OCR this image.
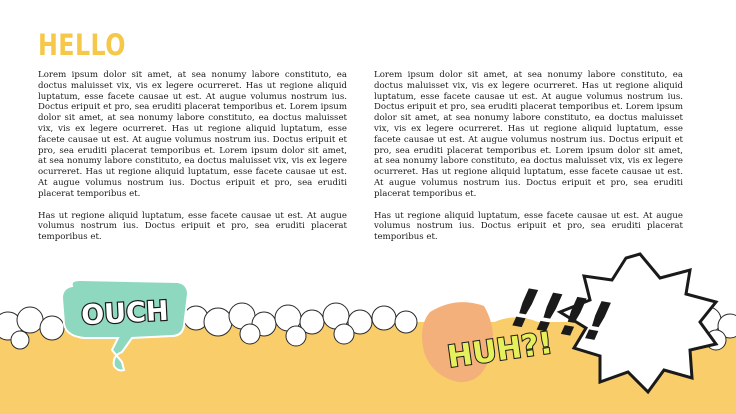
HELLO

Lorem ipsum dolor sit amet, at sea nonumy labore constituto, ea doctus maluisset vix, vis ex legere ocurreret. Has ut regione aliquid luptatum, esse facete causae ut est. At augue volumus nostrum ius. Doctus eripuit et pro, sea eruditi placerat temporibus et. Lorem ipsum dolor sit amet, at sea nonumy labore constituto, ea doctus maluisset vix, vis ex legere ocurreret. Has ut regione aliquid luptatum, esse facete causae ut est. At augue volumus nostrum ius. Doctus eripuit et pro, sea eruditi placerat temporibus et. Lorem ipsum dolor sit amet, at sea nonumy labore constituto, ea doctus maluisset vix, vis ex legere ocurreret. Has ut regione aliquid luptatum, esse facete causae ut est. At augue volumus nostrum ius. Doctus eripuit et pro, sea eruditi placerat temporibus et.

Has ut regione aliquid luptatum, esse facete causae ut est. At augue volumus nostrum ius. Doctus eripuit et pro, sea eruditi placerat temporibus et.

Lorem ipsum dolor sit amet, at sea nonumy labore constituto, ea doctus maluisset vix, vis ex legere ocurreret. Has ut regione aliquid luptatum, esse facete causae ut est. At augue volumus nostrum ius. Doctus eripuit et pro, sea eruditi placerat temporibus et. Lorem ipsum dolor sit amet, at sea nonumy labore constituto, ea doctus maluisset vix, vis ex legere ocurreret. Has ut regione aliquid luptatum, esse facete causae ut est. At augue volumus nostrum ius. Doctus eripuit et pro, sea eruditi placerat temporibus et. Lorem ipsum dolor sit amet, at sea nonumy labore constituto, ea doctus maluisset vix, vis ex legere ocurreret. Has ut regione aliquid luptatum, esse facete causae ut est. At augue volumus nostrum ius. Doctus eripuit et pro, sea eruditi placerat temporibus et.

Has ut regione aliquid luptatum, esse facete causae ut est. At augue volumus nostrum ius. Doctus eripuit et pro, sea eruditi placerat temporibus et.

OUCH
HUH?!
!!!!
